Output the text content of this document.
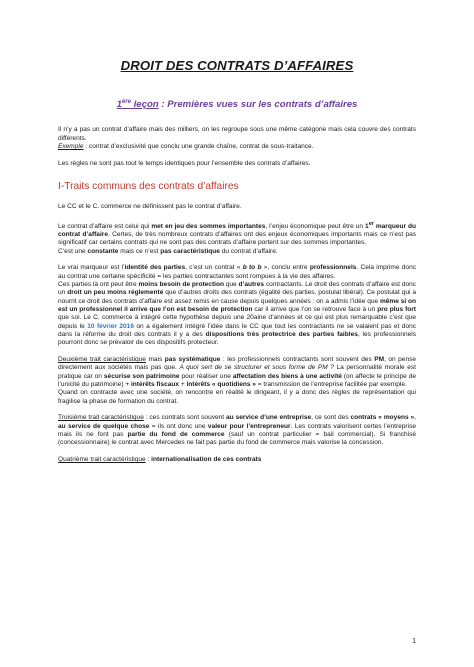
DROIT DES CONTRATS D’AFFAIRES
1ère leçon : Premières vues sur les contrats d’affaires

Il n’y a pas un contrat d’affaire mais des milliers, on les regroupe sous une même catégorie mais cela couvre des contrats différents.

Exemple : contrat d’exclusivité que conclu une grande chaîne, contrat de sous-traitance.

Les règles ne sont pas tout le temps identiques pour l’ensemble des contrats d’affaires.

I-Traits communs des contrats d’affaires

Le CC et le C. commerce ne définissent pas le contrat d’affaire.

Le contrat d’affaire est celui qui met en jeu des sommes importantes, l’enjeu économique peut être un 1er marqueur du contrat d’affaire. Certes, de très nombreux contrats d’affaires ont des enjeux économiques importants mais ce n’est pas significatif car certains contrats qui ne sont pas des contrats d’affaire portent sur des sommes importantes.

C’est une constante mais ce n’est pas caractéristique du contrat d’affaire.

Le vrai marqueur est l’identité des parties, c’est un contrat « b to b », conclu entre professionnels. Cela imprime donc au contrat une certaine spécificité = les parties contractantes sont rompues à la vie des affaires.

Ces parties là ont peut être moins besoin de protection que d’autres contractants. Le droit des contrats d’affaire est donc un droit un peu moins réglementé que d’autres droits des contrats (égalité des parties, postulat libéral). Ce postulat qui a nourrit ce droit des contrats d’affaire est assez remis en cause depuis quelques années : on a admis l’idée que même si on est un professionnel il arrive que l’on est besoin de protection car il arrive que l’on se retrouve face à un pro plus fort que soi. Le C. commerce à intégré cette hypothèse depuis une 20aine d’années et ce qui est plus remarquable c’est que depuis le 10 février 2016 on a également intégré l’idée dans le CC que tout les contractants ne se valaient pas et donc dans la réforme du droit des contrats il y a des dispositions très protectrice des parties faibles, les professionnels pourront donc se prévaloir de ces dispositifs protecteur.

Deuxième trait caractéristique mais pas systématique : les professionnels contractants sont souvent des PM, on pense directement aux sociétés mais pas que. A quoi sert de se structurer et sous forme de PM ? La personnalité morale est pratique car on sécurise son patrimoine pour réaliser une affectation des biens à une activité (on affecte le principe de l’unicité du patrimoine) + intérêts fiscaux + intérêts « quotidiens » = transmission de l’entreprise facilitée par exemple.

Quand on contracte avec une société, on rencontre en réalité le dirigeant, il y a donc des règles de représentation qui fragilise la phase de formation du contrat.

Troisième trait caractéristique : ces contrats sont souvent au service d’une entreprise, ce sont des contrats « moyens », au service de quelque chose = ils ont donc une valeur pour l’entrepreneur. Les contrats valorisent certes l’entreprise mais ils ne font pas partie du fond de commerce (sauf un contrat particulier = bail commercial). Si franchisé (concessionnaire) le contrat avec Mercedes ne fait pas partie du fond de commerce mais valorise la concession.

Quatrième trait caractéristique : internationalisation de ces contrats

1
